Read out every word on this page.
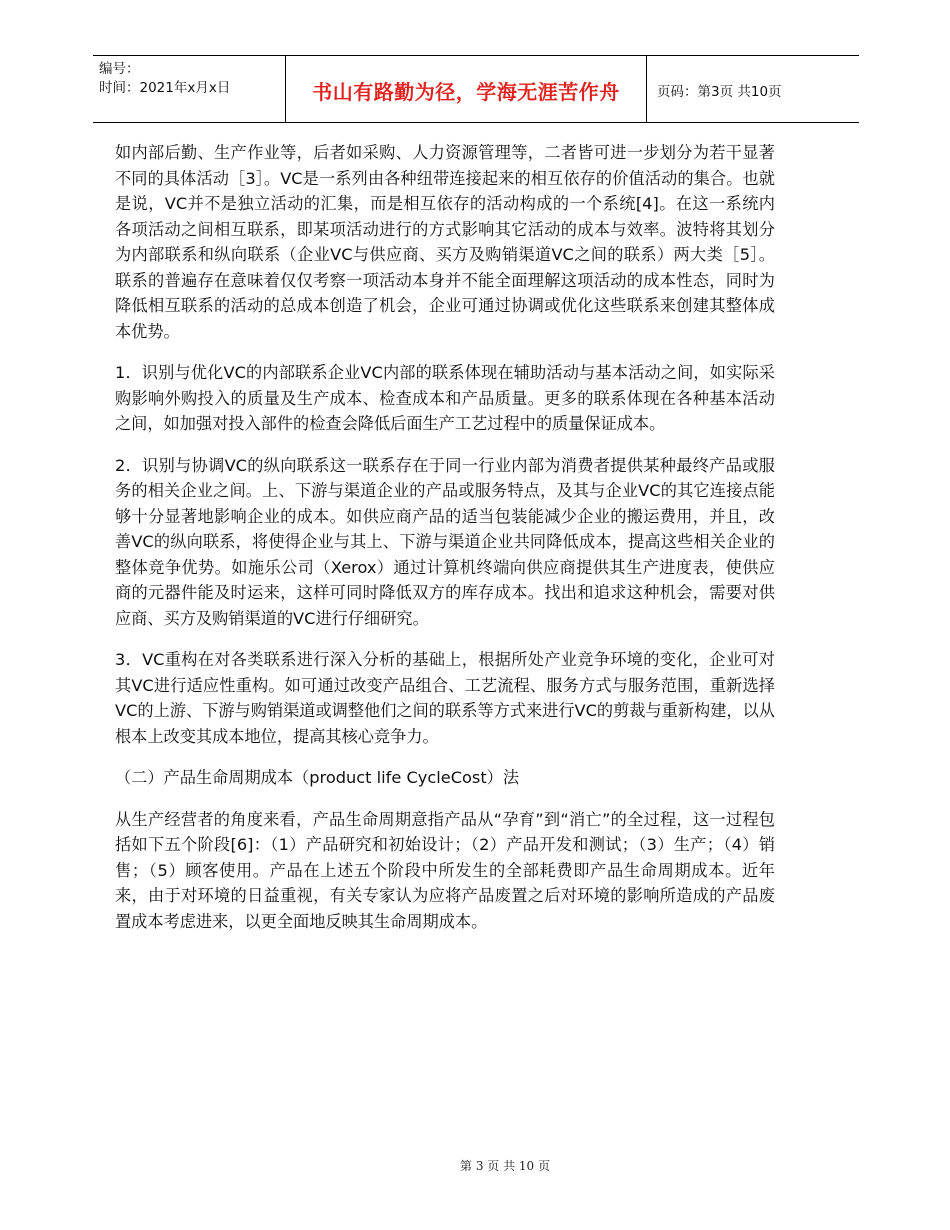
编号：
时间：2021年x月x日	书山有路勤为径，学海无涯苦作舟	页码：第3页 共10页

如内部后勤、生产作业等，后者如采购、人力资源管理等，二者皆可进一步划分为若干显著不同的具体活动［3］。VC是一系列由各种纽带连接起来的相互依存的价值活动的集合。也就是说，VC并不是独立活动的汇集，而是相互依存的活动构成的一个系统[4]。在这一系统内各项活动之间相互联系，即某项活动进行的方式影响其它活动的成本与效率。波特将其划分为内部联系和纵向联系（企业VC与供应商、买方及购销渠道VC之间的联系）两大类［5］。联系的普遍存在意味着仅仅考察一项活动本身并不能全面理解这项活动的成本性态，同时为降低相互联系的活动的总成本创造了机会，企业可通过协调或优化这些联系来创建其整体成本优势。

1．识别与优化VC的内部联系企业VC内部的联系体现在辅助活动与基本活动之间，如实际采购影响外购投入的质量及生产成本、检查成本和产品质量。更多的联系体现在各种基本活动之间，如加强对投入部件的检查会降低后面生产工艺过程中的质量保证成本。

2．识别与协调VC的纵向联系这一联系存在于同一行业内部为消费者提供某种最终产品或服务的相关企业之间。上、下游与渠道企业的产品或服务特点，及其与企业VC的其它连接点能够十分显著地影响企业的成本。如供应商产品的适当包装能减少企业的搬运费用，并且，改善VC的纵向联系，将使得企业与其上、下游与渠道企业共同降低成本，提高这些相关企业的整体竞争优势。如施乐公司（Xerox）通过计算机终端向供应商提供其生产进度表，使供应商的元器件能及时运来，这样可同时降低双方的库存成本。找出和追求这种机会，需要对供应商、买方及购销渠道的VC进行仔细研究。

3．VC重构在对各类联系进行深入分析的基础上，根据所处产业竞争环境的变化，企业可对其VC进行适应性重构。如可通过改变产品组合、工艺流程、服务方式与服务范围，重新选择VC的上游、下游与购销渠道或调整他们之间的联系等方式来进行VC的剪裁与重新构建，以从根本上改变其成本地位，提高其核心竞争力。

（二）产品生命周期成本（product life CycleCost）法

从生产经营者的角度来看，产品生命周期意指产品从“孕育”到“消亡”的全过程，这一过程包括如下五个阶段[6]：（1）产品研究和初始设计；（2）产品开发和测试；（3）生产；（4）销售；（5）顾客使用。产品在上述五个阶段中所发生的全部耗费即产品生命周期成本。近年来，由于对环境的日益重视，有关专家认为应将产品废置之后对环境的影响所造成的产品废置成本考虑进来，以更全面地反映其生命周期成本。

第 3 页 共 10 页
